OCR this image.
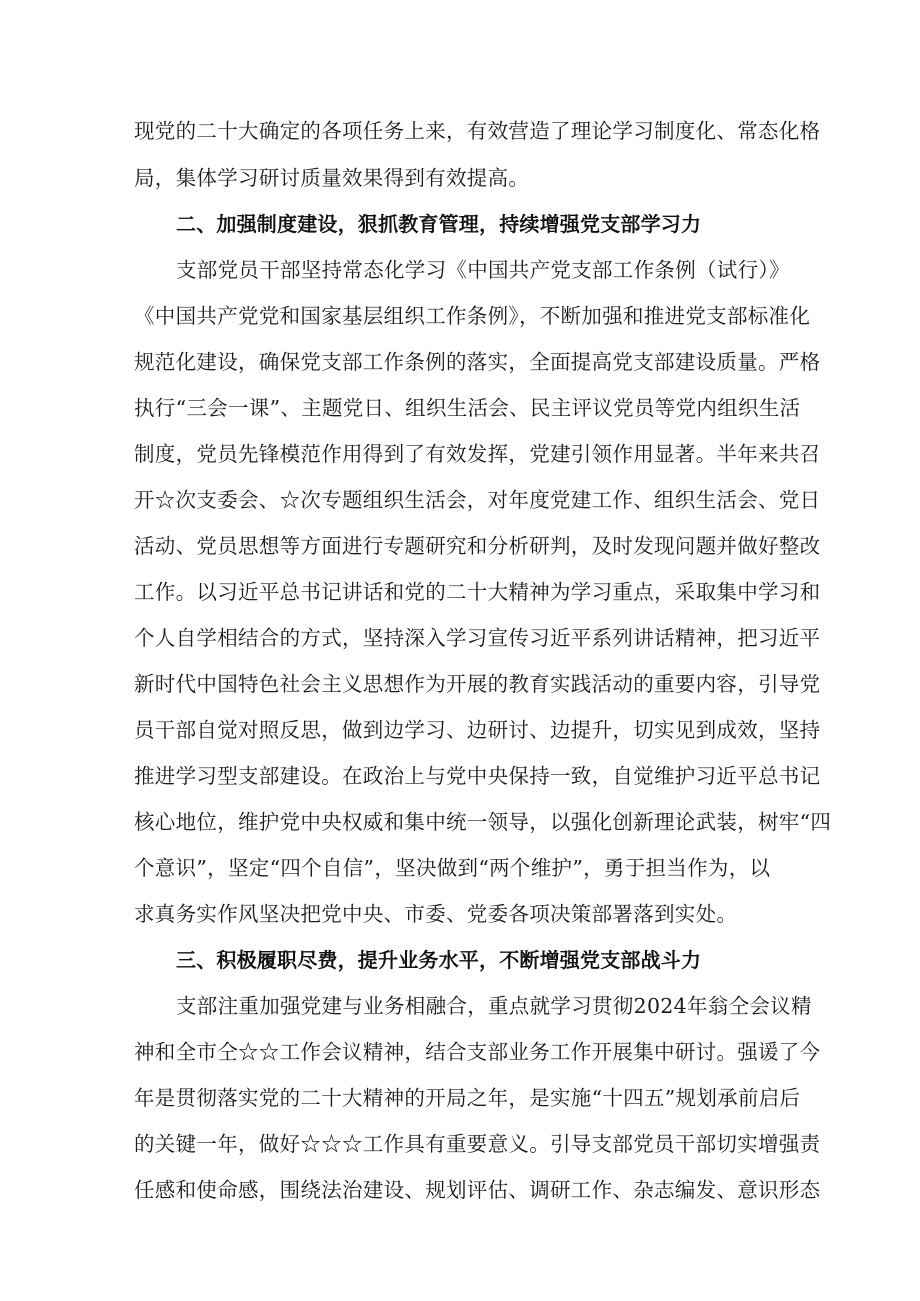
现党的二十大确定的各项任务上来，有效营造了理论学习制度化、常态化格
局，集体学习研讨质量效果得到有效提高。
二、加强制度建设，狠抓教育管理，持续增强党支部学习力
支部党员干部坚持常态化学习《中国共产党支部工作条例（试行）》
《中国共产党党和国家基层组织工作条例》，不断加强和推进党支部标准化
规范化建设，确保党支部工作条例的落实，全面提高党支部建设质量。严格
执行“三会一课”、主题党日、组织生活会、民主评议党员等党内组织生活
制度，党员先锋模范作用得到了有效发挥，党建引领作用显著。半年来共召
开☆次支委会、☆次专题组织生活会，对年度党建工作、组织生活会、党日
活动、党员思想等方面进行专题研究和分析研判，及时发现问题并做好整改
工作。以习近平总书记讲话和党的二十大精神为学习重点，采取集中学习和
个人自学相结合的方式，坚持深入学习宣传习近平系列讲话精神，把习近平
新时代中国特色社会主义思想作为开展的教育实践活动的重要内容，引导党
员干部自觉对照反思，做到边学习、边研讨、边提升，切实见到成效，坚持
推进学习型支部建设。在政治上与党中央保持一致，自觉维护习近平总书记
核心地位，维护党中央权威和集中统一领导，以强化创新理论武装，树牢“四
个意识”，坚定“四个自信”，坚决做到“两个维护”，勇于担当作为，以
求真务实作风坚决把党中央、市委、党委各项决策部署落到实处。
三、积极履职尽费，提升业务水平，不断增强党支部战斗力
支部注重加强党建与业务相融合，重点就学习贯彻2024年翁仝会议精
神和全市仝☆☆工作会议精神，结合支部业务工作开展集中研讨。强谖了今
年是贯彻落实党的二十大精神的开局之年，是实施“十四五”规划承前启后
的关键一年，做好☆☆☆工作具有重要意义。引导支部党员干部切实增强责
任感和使命感，围绕法治建设、规划评估、调研工作、杂志编发、意识形态
